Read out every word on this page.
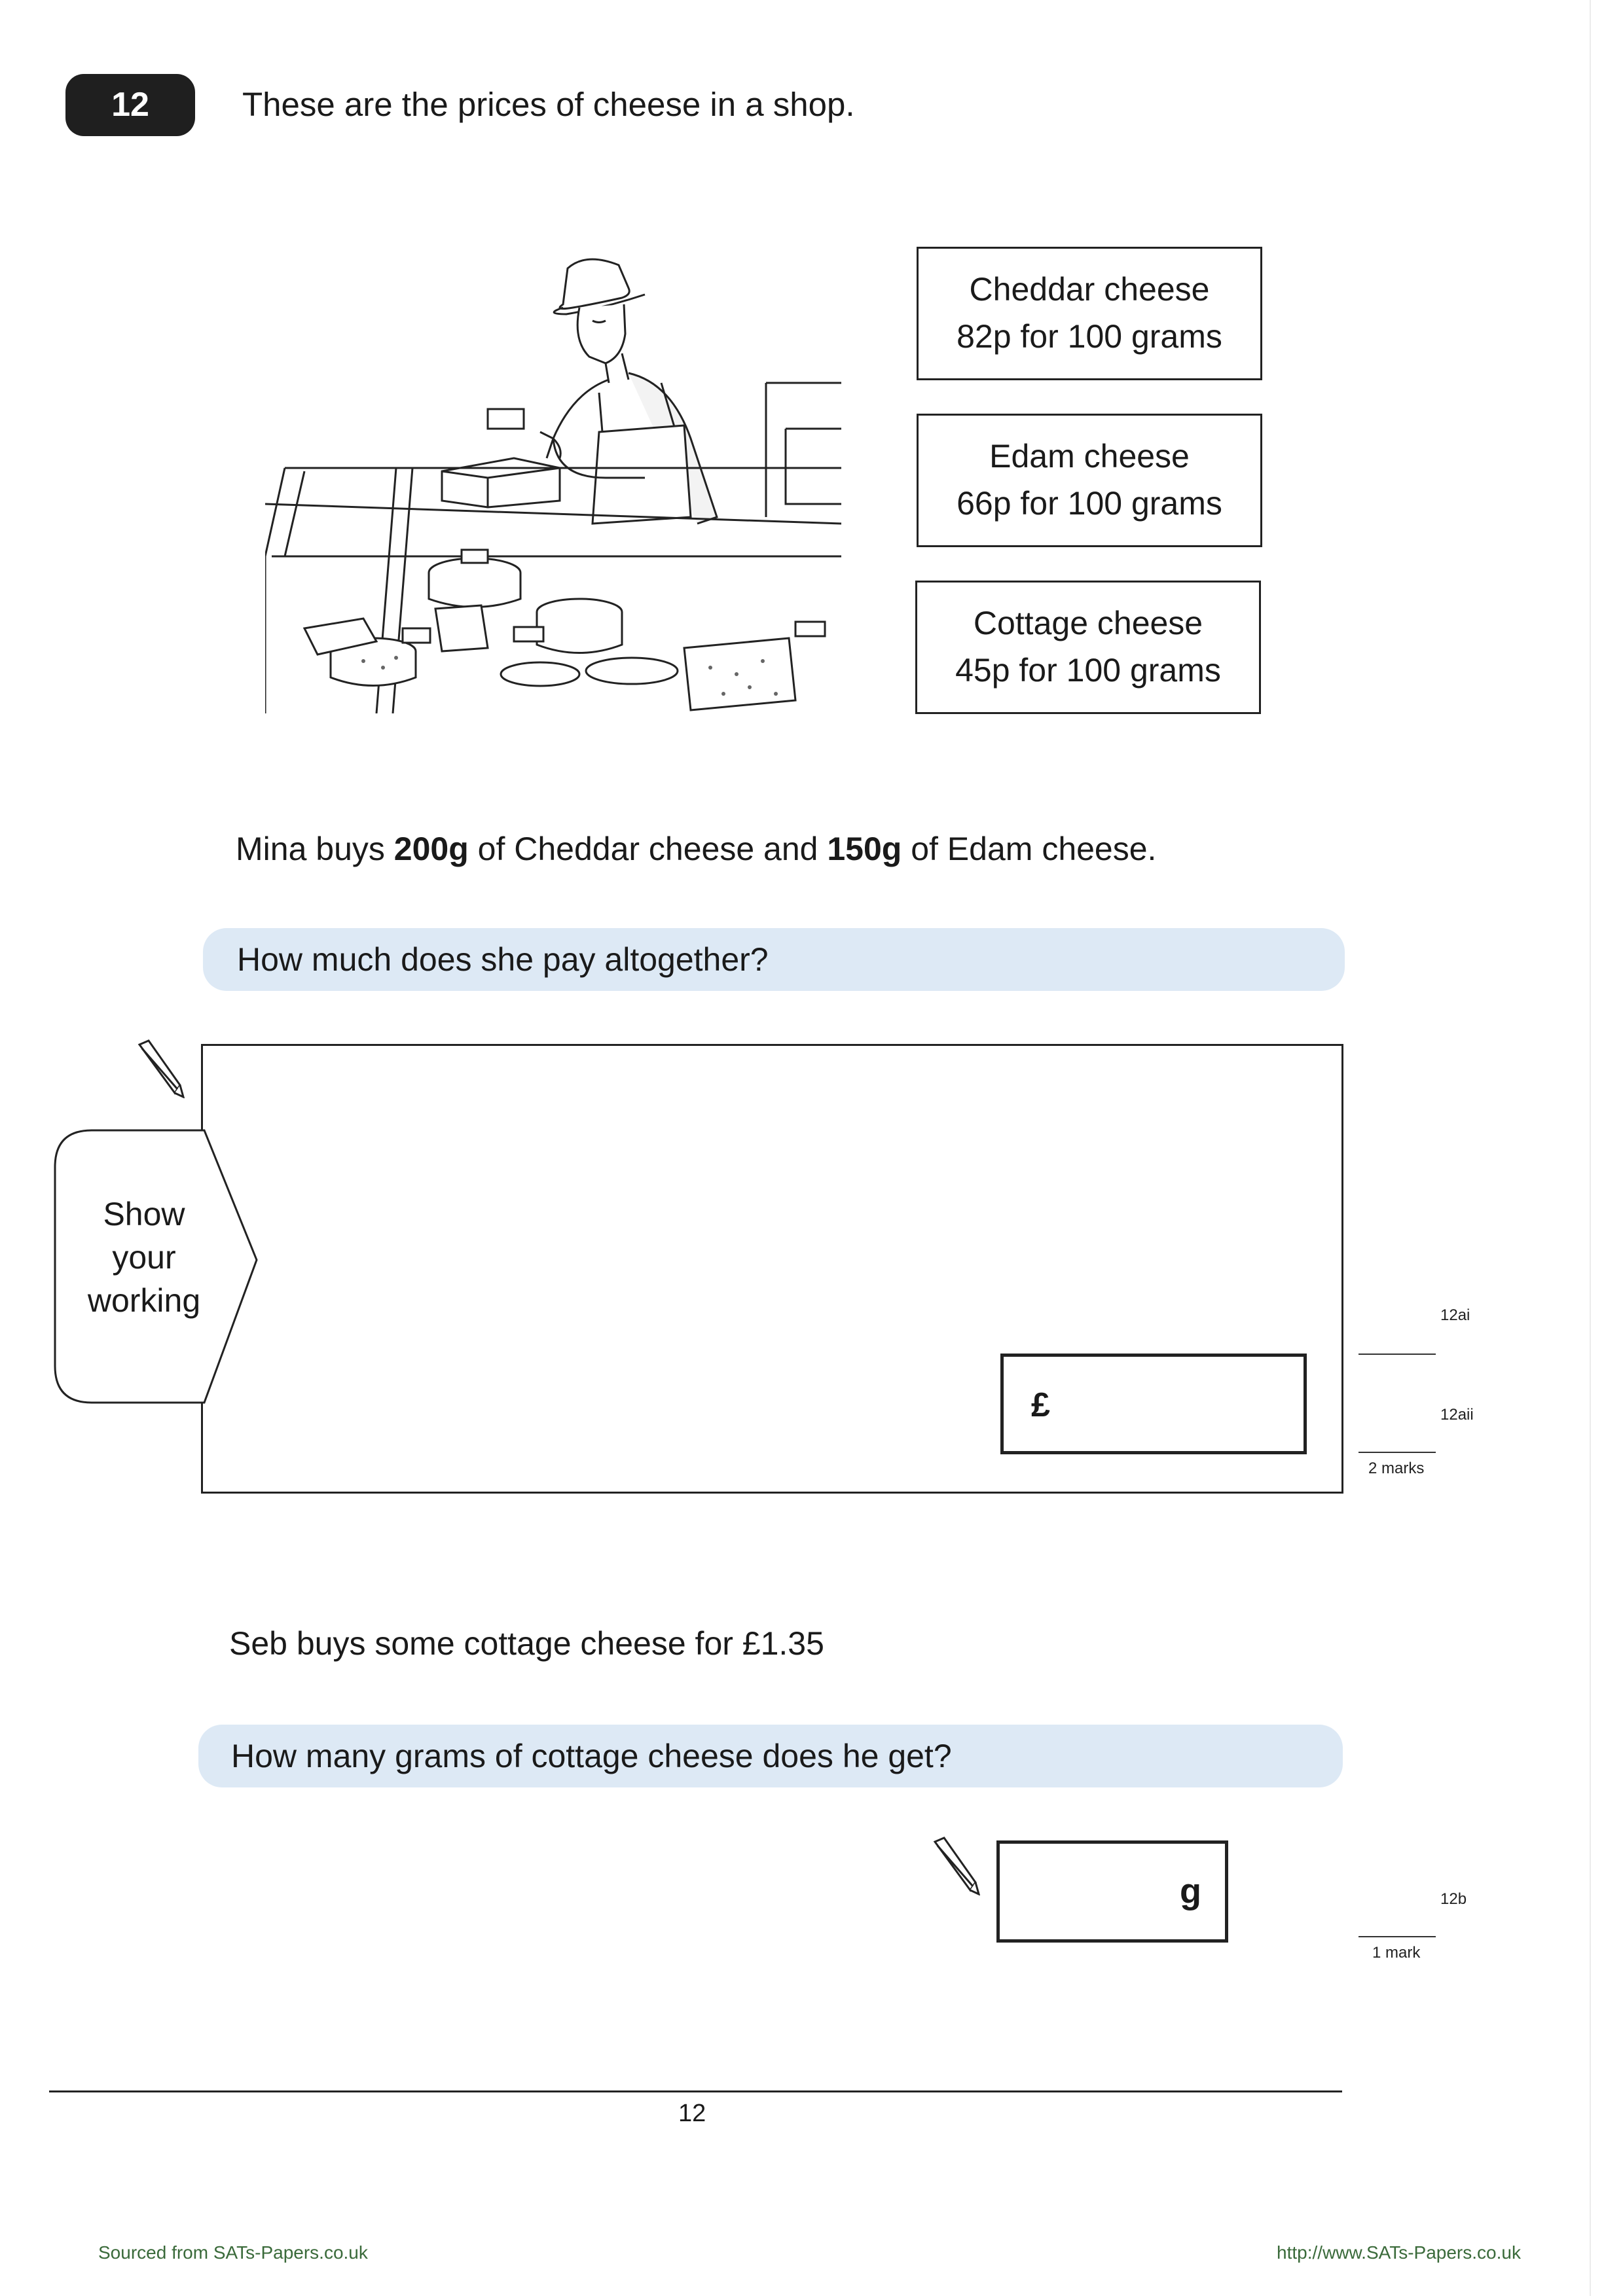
12	These are the prices of cheese in a shop.
Cheddar cheese
82p for 100 grams
Edam cheese
66p for 100 grams
Cottage cheese
45p for 100 grams
Mina buys 200g of Cheddar cheese and 150g of Edam cheese.
How much does she pay altogether?
Show
your
working
£
12ai
12aii
2 marks
Seb buys some cottage cheese for £1.35
How many grams of cottage cheese does he get?
g	12b
1 mark
12
Sourced from SATs-Papers.co.uk	http://www.SATs-Papers.co.uk
